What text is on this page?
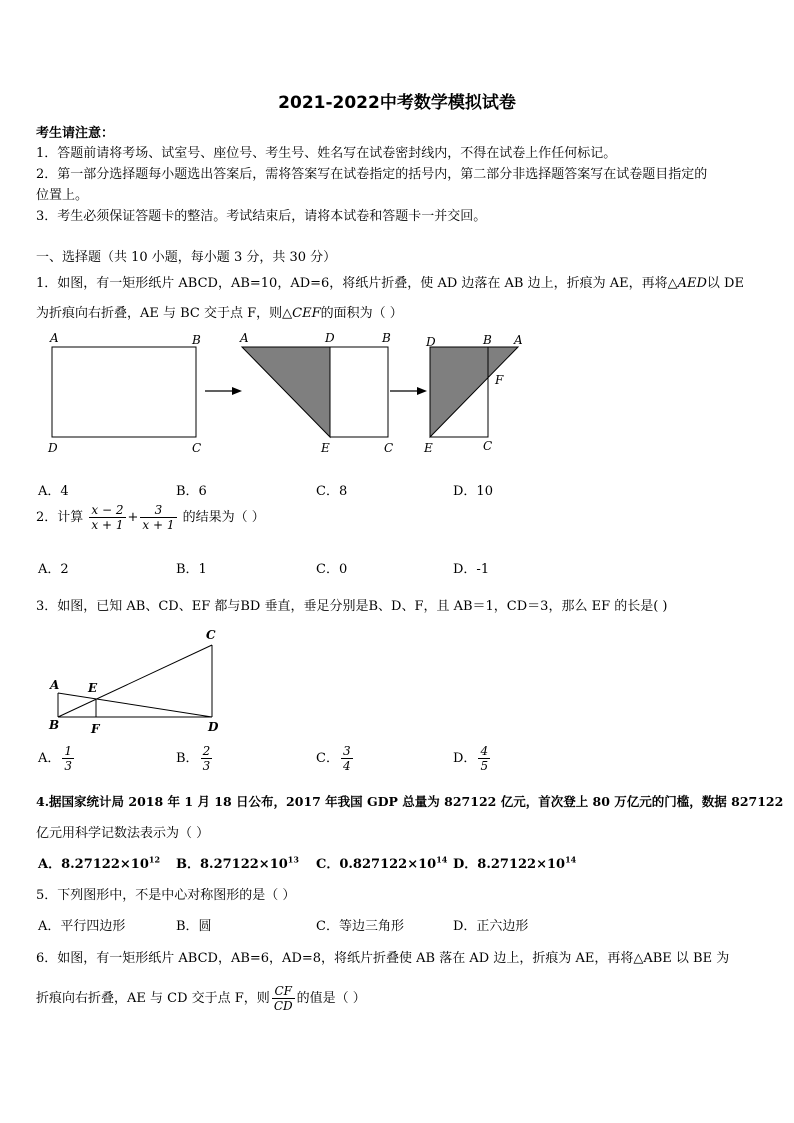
2021-2022中考数学模拟试卷
考生请注意：
1．答题前请将考场、试室号、座位号、考生号、姓名写在试卷密封线内，不得在试卷上作任何标记。
2．第一部分选择题每小题选出答案后，需将答案写在试卷指定的括号内，第二部分非选择题答案写在试卷题目指定的
位置上。
3．考生必须保证答题卡的整洁。考试结束后，请将本试卷和答题卡一并交回。
一、选择题（共 10 小题，每小题 3 分，共 30 分）
1．如图，有一矩形纸片 ABCD，AB=10，AD=6，将纸片折叠，使 AD 边落在 AB 边上，折痕为 AE，再将△AED以 DE
为折痕向右折叠，AE 与 BC 交于点 F，则△CEF的面积为（ ）
A	B
D	C
A	D	B
E	C
D	B A
F
E	C
A．4	B．6	C．8	D．10
2．计算 $\frac{x - 2}{x + 1} + \frac{3}{x + 1}$ 的结果为（ ）
A．2	B．1	C．0	D．-1
3．如图，已知 AB、CD、EF 都与BD 垂直，垂足分别是B、D、F，且 AB＝1，CD＝3，那么 EF 的长是( )
A
B
C
D
E
F
A． $\frac{1}{3}$	B． $\frac{2}{3}$	C． $\frac{3}{4}$	D． $\frac{4}{5}$
4.据国家统计局 2018 年 1 月 18 日公布，2017 年我国 GDP 总量为 827122 亿元，首次登上 80 万亿元的门槛，数据 827122
亿元用科学记数法表示为（ ）
A．$8.27122\times 10^{12}$ B．$8.27122\times 10^{13}$ C．$0.827122\times 10^{14}$ D．$8.27122\times 10^{14}$
5．下列图形中，不是中心对称图形的是（ ）
A．平行四边形	B．圆	C．等边三角形	D．正六边形
6．如图，有一矩形纸片 ABCD，AB=6，AD=8，将纸片折叠使 AB 落在 AD 边上，折痕为 AE，再将△ABE 以 BE 为
折痕向右折叠，AE 与 CD 交于点 F，则 $\frac{CF}{CD}$ 的值是（ ）
